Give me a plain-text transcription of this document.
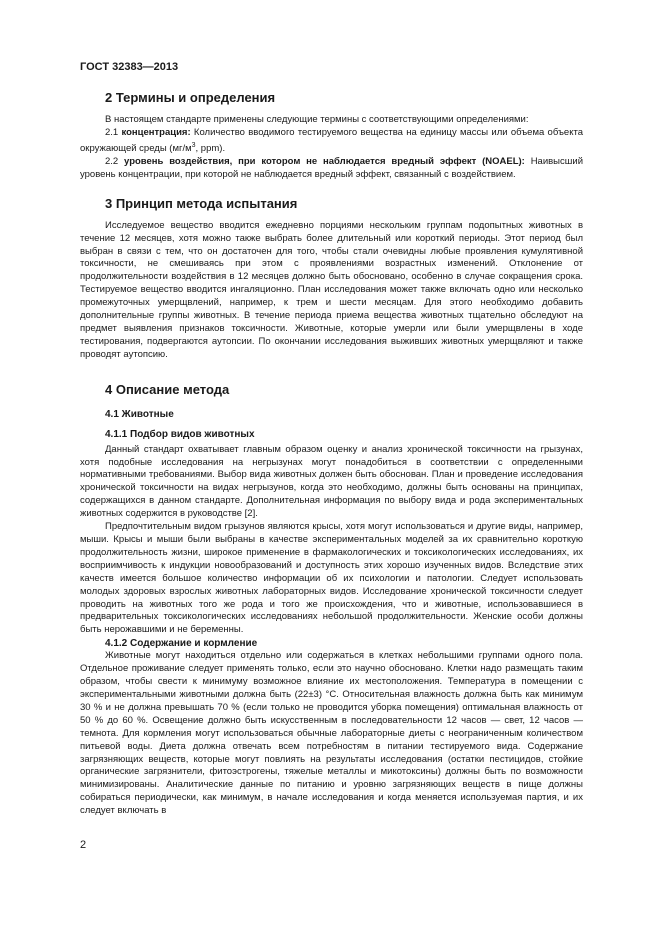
ГОСТ 32383—2013
2 Термины и определения

В настоящем стандарте применены следующие термины с соответствующими определениями:

2.1 концентрация: Количество вводимого тестируемого вещества на единицу массы или объема объекта окружающей среды ($мг/м^3$, ppm).

2.2 уровень воздействия, при котором не наблюдается вредный эффект (NOAEL): Наивысший уровень концентрации, при которой не наблюдается вредный эффект, связанный с воздействием.

3 Принцип метода испытания

Исследуемое вещество вводится ежедневно порциями нескольким группам подопытных животных в течение 12 месяцев, хотя можно также выбрать более длительный или короткий периоды. Этот период был выбран в связи с тем, что он достаточен для того, чтобы стали очевидны любые проявления кумулятивной токсичности, не смешиваясь при этом с проявлениями возрастных изменений. Отклонение от продолжительности воздействия в 12 месяцев должно быть обосновано, особенно в случае сокращения срока. Тестируемое вещество вводится ингаляционно. План исследования может также включать одно или несколько промежуточных умерщвлений, например, к трем и шести месяцам. Для этого необходимо добавить дополнительные группы животных. В течение периода приема вещества животных тщательно обследуют на предмет выявления признаков токсичности. Животные, которые умерли или были умерщвлены в ходе тестирования, подвергаются аутопсии. По окончании исследования выживших животных умерщвляют и также проводят аутопсию.

4 Описание метода
4.1 Животные
4.1.1 Подбор видов животных

Данный стандарт охватывает главным образом оценку и анализ хронической токсичности на грызунах, хотя подобные исследования на негрызунах могут понадобиться в соответствии с определенными нормативными требованиями. Выбор вида животных должен быть обоснован. План и проведение исследования хронической токсичности на видах негрызунов, когда это необходимо, должны быть основаны на принципах, содержащихся в данном стандарте. Дополнительная информация по выбору вида и рода экспериментальных животных содержится в руководстве [2].

Предпочтительным видом грызунов являются крысы, хотя могут использоваться и другие виды, например, мыши. Крысы и мыши были выбраны в качестве экспериментальных моделей за их сравнительно короткую продолжительность жизни, широкое применение в фармакологических и токсикологических исследованиях, их восприимчивость к индукции новообразований и доступность этих хорошо изученных видов. Вследствие этих качеств имеется большое количество информации об их психологии и патологии. Следует использовать молодых здоровых взрослых животных лабораторных видов. Исследование хронической токсичности следует проводить на животных того же рода и того же происхождения, что и животные, использовавшиеся в предварительных токсикологических исследованиях небольшой продолжительности. Женские особи должны быть нерожавшими и не беременны.

4.1.2 Содержание и кормление

Животные могут находиться отдельно или содержаться в клетках небольшими группами одного пола. Отдельное проживание следует применять только, если это научно обосновано. Клетки надо размещать таким образом, чтобы свести к минимуму возможное влияние их местоположения. Температура в помещении с экспериментальными животными должна быть (22±3) °С. Относительная влажность должна быть как минимум 30 % и не должна превышать 70 % (если только не проводится уборка помещения) оптимальная влажность от 50 % до 60 %. Освещение должно быть искусственным в последовательности 12 часов — свет, 12 часов — темнота. Для кормления могут использоваться обычные лабораторные диеты с неограниченным количеством питьевой воды. Диета должна отвечать всем потребностям в питании тестируемого вида. Содержание загрязняющих веществ, которые могут повлиять на результаты исследования (остатки пестицидов, стойкие органические загрязнители, фитоэстрогены, тяжелые металлы и микотоксины) должны быть по возможности минимизированы. Аналитические данные по питанию и уровню загрязняющих веществ в пище должны собираться периодически, как минимум, в начале исследования и когда меняется используемая партия, и их следует включать в

2
